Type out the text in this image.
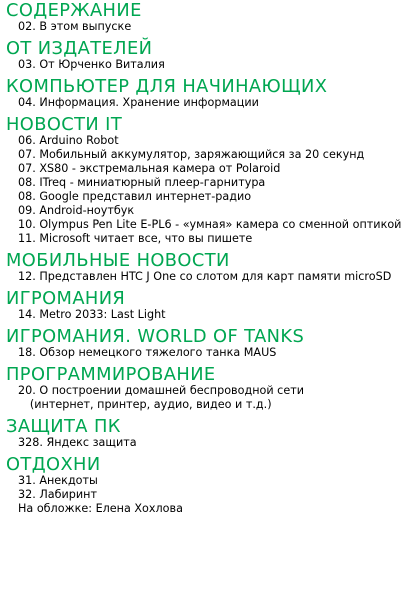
СОДЕРЖАНИЕ
02. В этом выпуске
ОТ ИЗДАТЕЛЕЙ
03. От Юрченко Виталия
КОМПЬЮТЕР ДЛЯ НАЧИНАЮЩИХ
04. Информация. Хранение информации
НОВОСТИ IT
06. Arduino Robot
07. Мобильный аккумулятор, заряжающийся за 20 секунд
07. XS80 - экстремальная камера от Polaroid
08. ITreq - миниатюрный плеер-гарнитура
08. Google представил интернет-радио
09. Android-ноутбук
10. Olympus Pen Lite E-PL6 - «умная» камера со сменной оптикой
11. Microsoft читает все, что вы пишете
МОБИЛЬНЫЕ НОВОСТИ
12. Представлен HTC J One со слотом для карт памяти microSD
ИГРОМАНИЯ
14. Metro 2033: Last Light
ИГРОМАНИЯ. WORLD OF TANKS
18. Обзор немецкого тяжелого танка MAUS
ПРОГРАММИРОВАНИЕ
20. О построении домашней беспроводной сети
(интернет, принтер, аудио, видео и т.д.)
ЗАЩИТА ПК
328. Яндекс защита
ОТДОХНИ
31. Анекдоты
32. Лабиринт
На обложке: Елена Хохлова
